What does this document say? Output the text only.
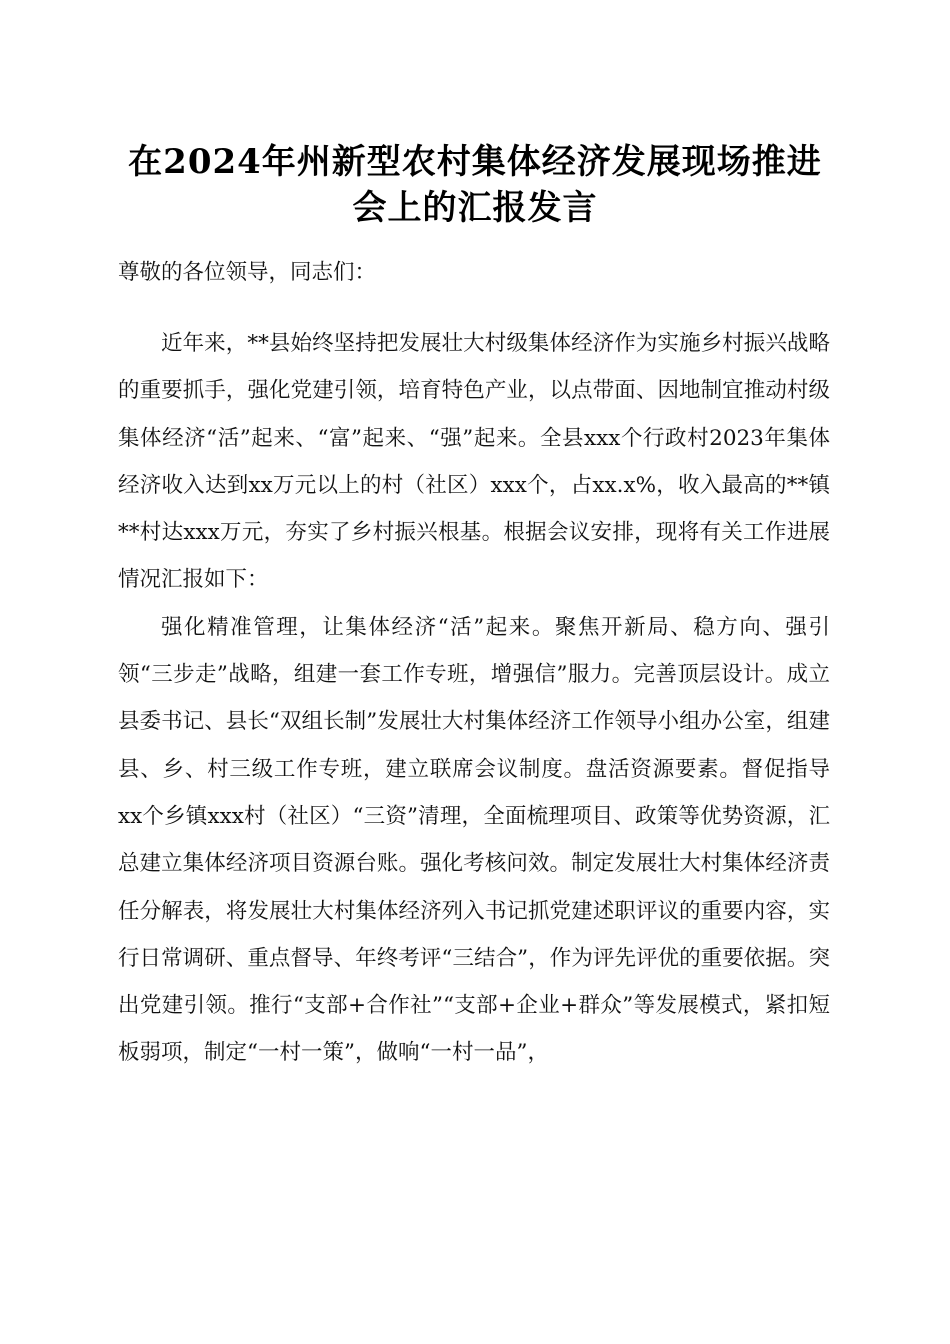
在2024年州新型农村集体经济发展现场推进
会上的汇报发言
尊敬的各位领导，同志们：

近年来，**县始终坚持把发展壮大村级集体经济作为实施乡村振兴战略的重要抓手，强化党建引领，培育特色产业，以点带面、因地制宜推动村级集体经济“活”起来、“富”起来、“强”起来。全县xxx个行政村2023年集体经济收入达到xx万元以上的村（社区）xxx个，占xx.x%，收入最高的**镇**村达xxx万元，夯实了乡村振兴根基。根据会议安排，现将有关工作进展情况汇报如下：

强化精准管理，让集体经济“活”起来。聚焦开新局、稳方向、强引领“三步走”战略，组建一套工作专班，增强信”服力。完善顶层设计。成立县委书记、县长“双组长制”发展壮大村集体经济工作领导小组办公室，组建县、乡、村三级工作专班，建立联席会议制度。盘活资源要素。督促指导xx个乡镇xxx村（社区）“三资”清理，全面梳理项目、政策等优势资源，汇总建立集体经济项目资源台账。强化考核问效。制定发展壮大村集体经济责任分解表，将发展壮大村集体经济列入书记抓党建述职评议的重要内容，实行日常调研、重点督导、年终考评“三结合”，作为评先评优的重要依据。突出党建引领。推行“支部+合作社”“支部+企业+群众”等发展模式，紧扣短板弱项，制定“一村一策”，做响“一村一品”，
